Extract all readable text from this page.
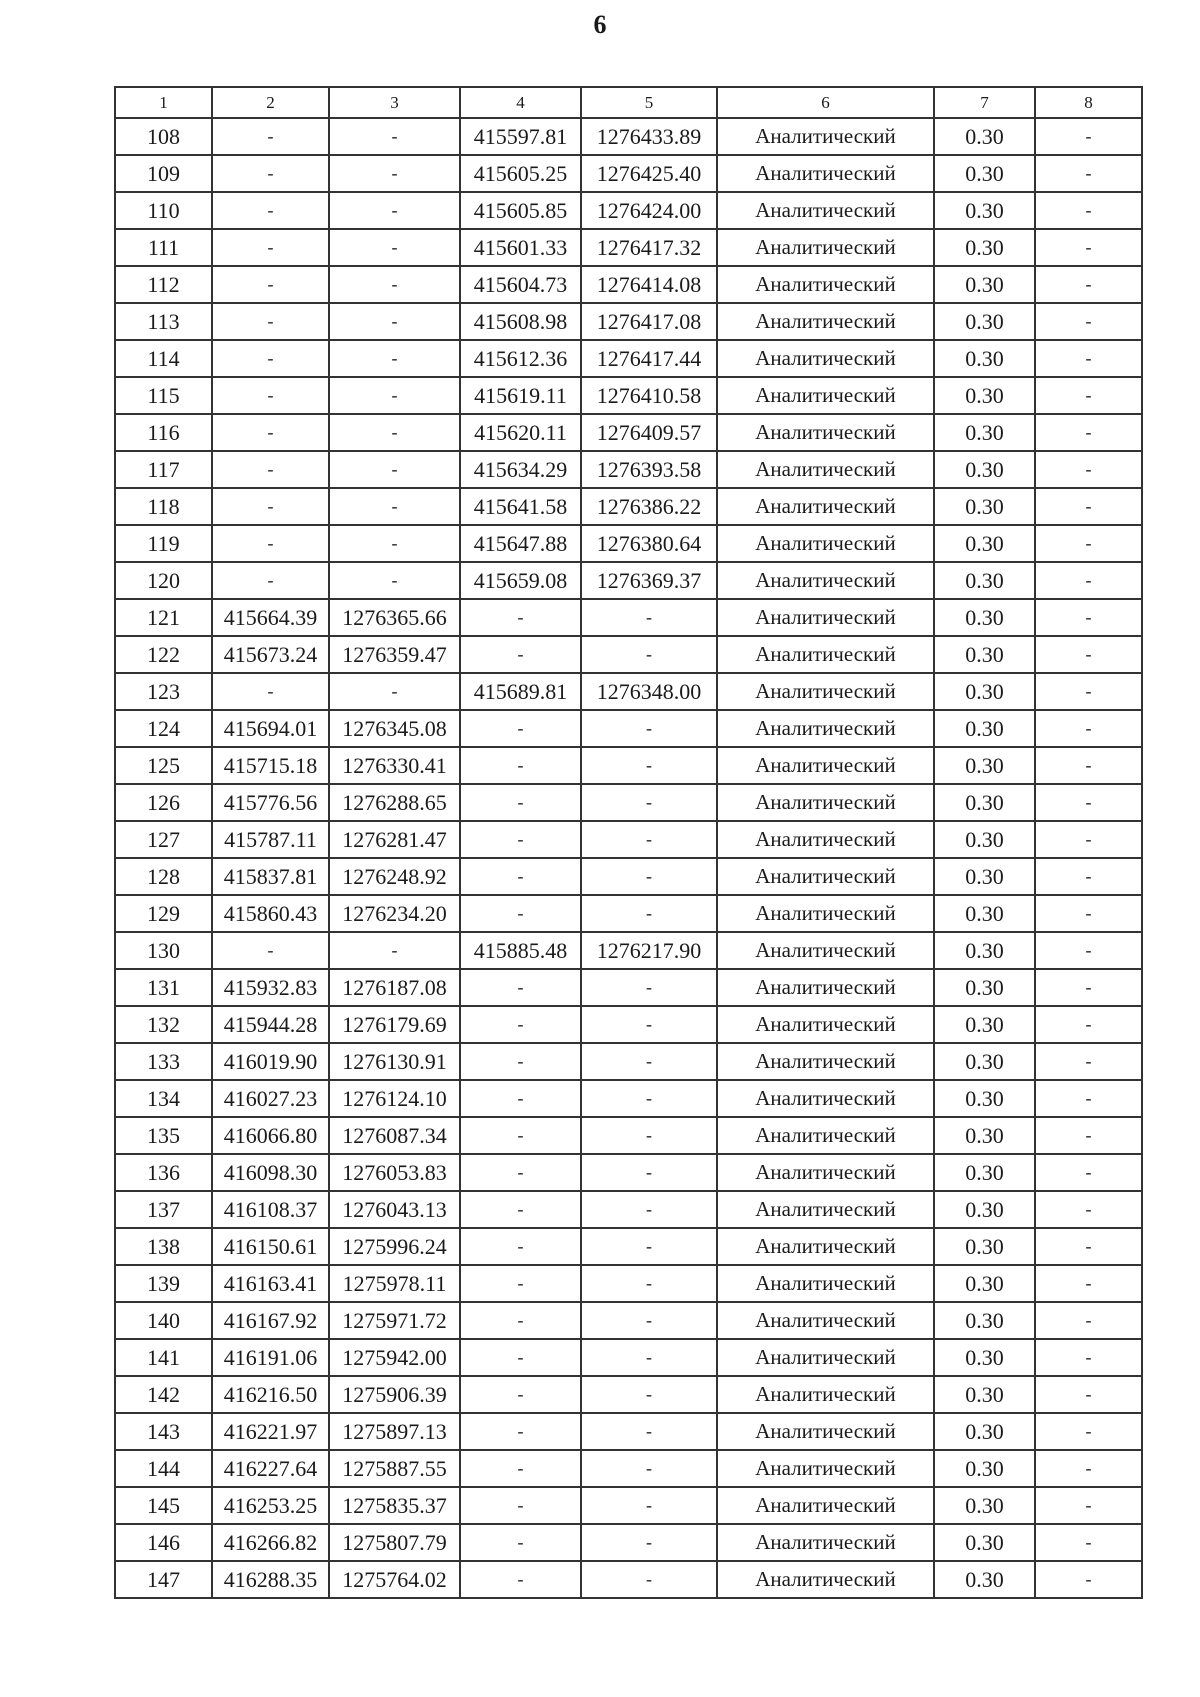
6
1	2	3	4	5	6	7	8
108	-	-	415597.81	1276433.89	Аналитический	0.30	-
109	-	-	415605.25	1276425.40	Аналитический	0.30	-
110	-	-	415605.85	1276424.00	Аналитический	0.30	-
111	-	-	415601.33	1276417.32	Аналитический	0.30	-
112	-	-	415604.73	1276414.08	Аналитический	0.30	-
113	-	-	415608.98	1276417.08	Аналитический	0.30	-
114	-	-	415612.36	1276417.44	Аналитический	0.30	-
115	-	-	415619.11	1276410.58	Аналитический	0.30	-
116	-	-	415620.11	1276409.57	Аналитический	0.30	-
117	-	-	415634.29	1276393.58	Аналитический	0.30	-
118	-	-	415641.58	1276386.22	Аналитический	0.30	-
119	-	-	415647.88	1276380.64	Аналитический	0.30	-
120	-	-	415659.08	1276369.37	Аналитический	0.30	-
121	415664.39	1276365.66	-	-	Аналитический	0.30	-
122	415673.24	1276359.47	-	-	Аналитический	0.30	-
123	-	-	415689.81	1276348.00	Аналитический	0.30	-
124	415694.01	1276345.08	-	-	Аналитический	0.30	-
125	415715.18	1276330.41	-	-	Аналитический	0.30	-
126	415776.56	1276288.65	-	-	Аналитический	0.30	-
127	415787.11	1276281.47	-	-	Аналитический	0.30	-
128	415837.81	1276248.92	-	-	Аналитический	0.30	-
129	415860.43	1276234.20	-	-	Аналитический	0.30	-
130	-	-	415885.48	1276217.90	Аналитический	0.30	-
131	415932.83	1276187.08	-	-	Аналитический	0.30	-
132	415944.28	1276179.69	-	-	Аналитический	0.30	-
133	416019.90	1276130.91	-	-	Аналитический	0.30	-
134	416027.23	1276124.10	-	-	Аналитический	0.30	-
135	416066.80	1276087.34	-	-	Аналитический	0.30	-
136	416098.30	1276053.83	-	-	Аналитический	0.30	-
137	416108.37	1276043.13	-	-	Аналитический	0.30	-
138	416150.61	1275996.24	-	-	Аналитический	0.30	-
139	416163.41	1275978.11	-	-	Аналитический	0.30	-
140	416167.92	1275971.72	-	-	Аналитический	0.30	-
141	416191.06	1275942.00	-	-	Аналитический	0.30	-
142	416216.50	1275906.39	-	-	Аналитический	0.30	-
143	416221.97	1275897.13	-	-	Аналитический	0.30	-
144	416227.64	1275887.55	-	-	Аналитический	0.30	-
145	416253.25	1275835.37	-	-	Аналитический	0.30	-
146	416266.82	1275807.79	-	-	Аналитический	0.30	-
147	416288.35	1275764.02	-	-	Аналитический	0.30	-
